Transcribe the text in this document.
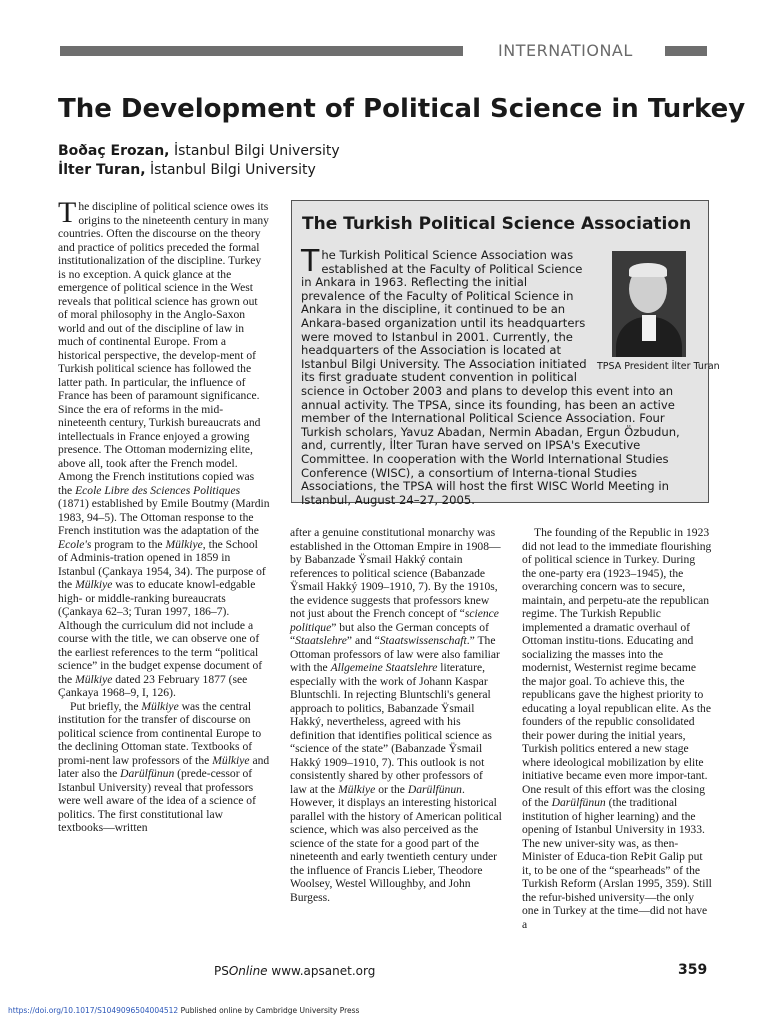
INTERNATIONAL
The Development of Political Science in Turkey
Boðaç Erozan, İstanbul Bilgi University
İlter Turan, İstanbul Bilgi University

The discipline of political science owes its origins to the nineteenth century in many countries. Often the discourse on the theory and practice of politics preceded the formal institutionalization of the discipline. Turkey is no exception. A quick glance at the emergence of political science in the West reveals that political science has grown out of moral philosophy in the Anglo-Saxon world and out of the discipline of law in much of continental Europe. From a historical perspective, the develop-ment of Turkish political science has followed the latter path. In particular, the influence of France has been of paramount significance. Since the era of reforms in the mid-nineteenth century, Turkish bureaucrats and intellectuals in France enjoyed a growing presence. The Ottoman modernizing elite, above all, took after the French model. Among the French institutions copied was the Ecole Libre des Sciences Politiques (1871) established by Emile Boutmy (Mardin 1983, 94–5). The Ottoman response to the French institution was the adaptation of the Ecole's program to the Mülkiye, the School of Adminis-tration opened in 1859 in Istanbul (Çankaya 1954, 34). The purpose of the Mülkiye was to educate knowl-edgable high- or middle-ranking bureaucrats (Çankaya 62–3; Turan 1997, 186–7). Although the curriculum did not include a course with the title, we can observe one of the earliest references to the term “political science” in the budget expense document of the Mülkiye dated 23 February 1877 (see Çankaya 1968–9, I, 126).

Put briefly, the Mülkiye was the central institution for the transfer of discourse on political science from continental Europe to the declining Ottoman state. Textbooks of promi-nent law professors of the Mülkiye and later also the Darülfünun (prede-cessor of Istanbul University) reveal that professors were well aware of the idea of a science of politics. The first constitutional law textbooks—written

The Turkish Political Science Association
TPSA President İlter Turan
T he Turkish Political Science Association was established at the Faculty of Political Science in Ankara in 1963. Reflecting the initial prevalence of the Faculty of Political Science in Ankara in the discipline, it continued to be an Ankara-based organization until its headquarters were moved to Istanbul in 2001. Currently, the headquarters of the Association is located at Istanbul Bilgi University. The Association initiated its first graduate student convention in political science in October 2003 and plans to develop this event into an annual activity. The TPSA, since its founding, has been an active member of the International Political Science Association. Four Turkish scholars, Yavuz Abadan, Nermin Abadan, Ergun Özbudun, and, currently, İlter Turan have served on IPSA's Executive Committee. In cooperation with the World International Studies Conference (WISC), a consortium of Interna-tional Studies Associations, the TPSA will host the first WISC World Meeting in Istanbul, August 24–27, 2005.

after a genuine constitutional monarchy was established in the Ottoman Empire in 1908—by Babanzade Ÿsmail Hakký contain references to political science (Babanzade Ÿsmail Hakký 1909–1910, 7). By the 1910s, the evidence suggests that professors knew not just about the French concept of “science politique” but also the German concepts of “Staatslehre” and “Staatswissenschaft.” The Ottoman professors of law were also familiar with the Allgemeine Staatslehre literature, especially with the work of Johann Kaspar Bluntschli. In rejecting Bluntschli's general approach to politics, Babanzade Ÿsmail Hakký, nevertheless, agreed with his definition that identifies political science as “science of the state” (Babanzade Ÿsmail Hakký 1909–1910, 7). This outlook is not consistently shared by other professors of law at the Mülkiye or the Darülfünun. However, it displays an interesting historical parallel with the history of American political science, which was also perceived as the science of the state for a good part of the nineteenth and early twentieth century under the influence of Francis Lieber, Theodore Woolsey, Westel Willoughby, and John Burgess.

The founding of the Republic in 1923 did not lead to the immediate flourishing of political science in Turkey. During the one-party era (1923–1945), the overarching concern was to secure, maintain, and perpetu-ate the republican regime. The Turkish Republic implemented a dramatic overhaul of Ottoman institu-tions. Educating and socializing the masses into the modernist, Westernist regime became the major goal. To achieve this, the republicans gave the highest priority to educating a loyal republican elite. As the founders of the republic consolidated their power during the initial years, Turkish politics entered a new stage where ideological mobilization by elite initiative became even more impor-tant. One result of this effort was the closing of the Darülfünun (the traditional institution of higher learning) and the opening of Istanbul University in 1933. The new univer-sity was, as then-Minister of Educa-tion ReÞit Galip put it, to be one of the “spearheads” of the Turkish Reform (Arslan 1995, 359). Still the refur-bished university—the only one in Turkey at the time—did not have a

PSOnline www.apsanet.org	359
https://doi.org/10.1017/S1049096504004512 Published online by Cambridge University Press
